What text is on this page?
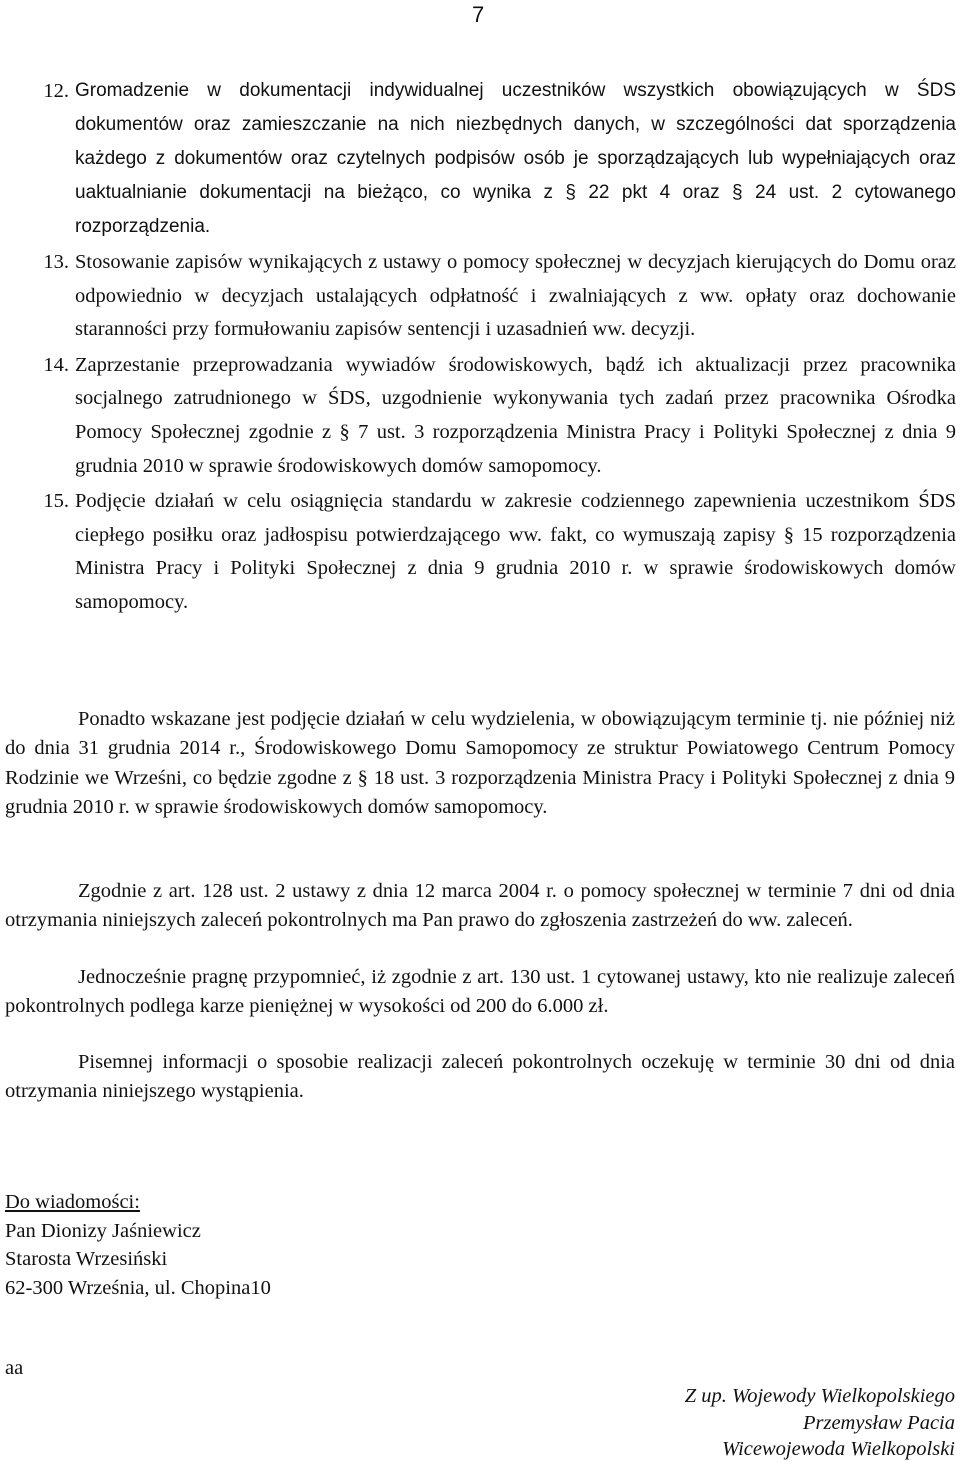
7
12. Gromadzenie w dokumentacji indywidualnej uczestników wszystkich obowiązujących w ŚDS dokumentów oraz zamieszczanie na nich niezbędnych danych, w szczególności dat sporządzenia każdego z dokumentów oraz czytelnych podpisów osób je sporządzających lub wypełniających oraz uaktualnianie dokumentacji na bieżąco, co wynika z § 22 pkt 4 oraz § 24 ust. 2 cytowanego rozporządzenia.
13. Stosowanie zapisów wynikających z ustawy o pomocy społecznej w decyzjach kierujących do Domu oraz odpowiednio w decyzjach ustalających odpłatność i zwalniających z ww. opłaty oraz dochowanie staranności przy formułowaniu zapisów sentencji i uzasadnień ww. decyzji.
14. Zaprzestanie przeprowadzania wywiadów środowiskowych, bądź ich aktualizacji przez pracownika socjalnego zatrudnionego w ŚDS, uzgodnienie wykonywania tych zadań przez pracownika Ośrodka Pomocy Społecznej zgodnie z § 7 ust. 3 rozporządzenia Ministra Pracy i Polityki Społecznej z dnia 9 grudnia 2010 w sprawie środowiskowych domów samopomocy.
15. Podjęcie działań w celu osiągnięcia standardu w zakresie codziennego zapewnienia uczestnikom ŚDS ciepłego posiłku oraz jadłospisu potwierdzającego ww. fakt, co wymuszają zapisy § 15 rozporządzenia Ministra Pracy i Polityki Społecznej z dnia 9 grudnia 2010 r. w sprawie środowiskowych domów samopomocy.
Ponadto wskazane jest podjęcie działań w celu wydzielenia, w obowiązującym terminie tj. nie później niż do dnia 31 grudnia 2014 r., Środowiskowego Domu Samopomocy ze struktur Powiatowego Centrum Pomocy Rodzinie we Wrześni, co będzie zgodne z § 18 ust. 3 rozporządzenia Ministra Pracy i Polityki Społecznej z dnia 9 grudnia 2010 r. w sprawie środowiskowych domów samopomocy.
Zgodnie z art. 128 ust. 2 ustawy z dnia 12 marca 2004 r. o pomocy społecznej w terminie 7 dni od dnia otrzymania niniejszych zaleceń pokontrolnych ma Pan prawo do zgłoszenia zastrzeżeń do ww. zaleceń.
Jednocześnie pragnę przypomnieć, iż zgodnie z art. 130 ust. 1 cytowanej ustawy, kto nie realizuje zaleceń pokontrolnych podlega karze pieniężnej w wysokości od 200 do 6.000 zł.
Pisemnej informacji o sposobie realizacji zaleceń pokontrolnych oczekuję w terminie 30 dni od dnia otrzymania niniejszego wystąpienia.
Do wiadomości:
Pan Dionizy Jaśniewicz
Starosta Wrzesiński
62-300 Września, ul. Chopina10
aa
Z up. Wojewody Wielkopolskiego
Przemysław Pacia
Wicewojewoda Wielkopolski
